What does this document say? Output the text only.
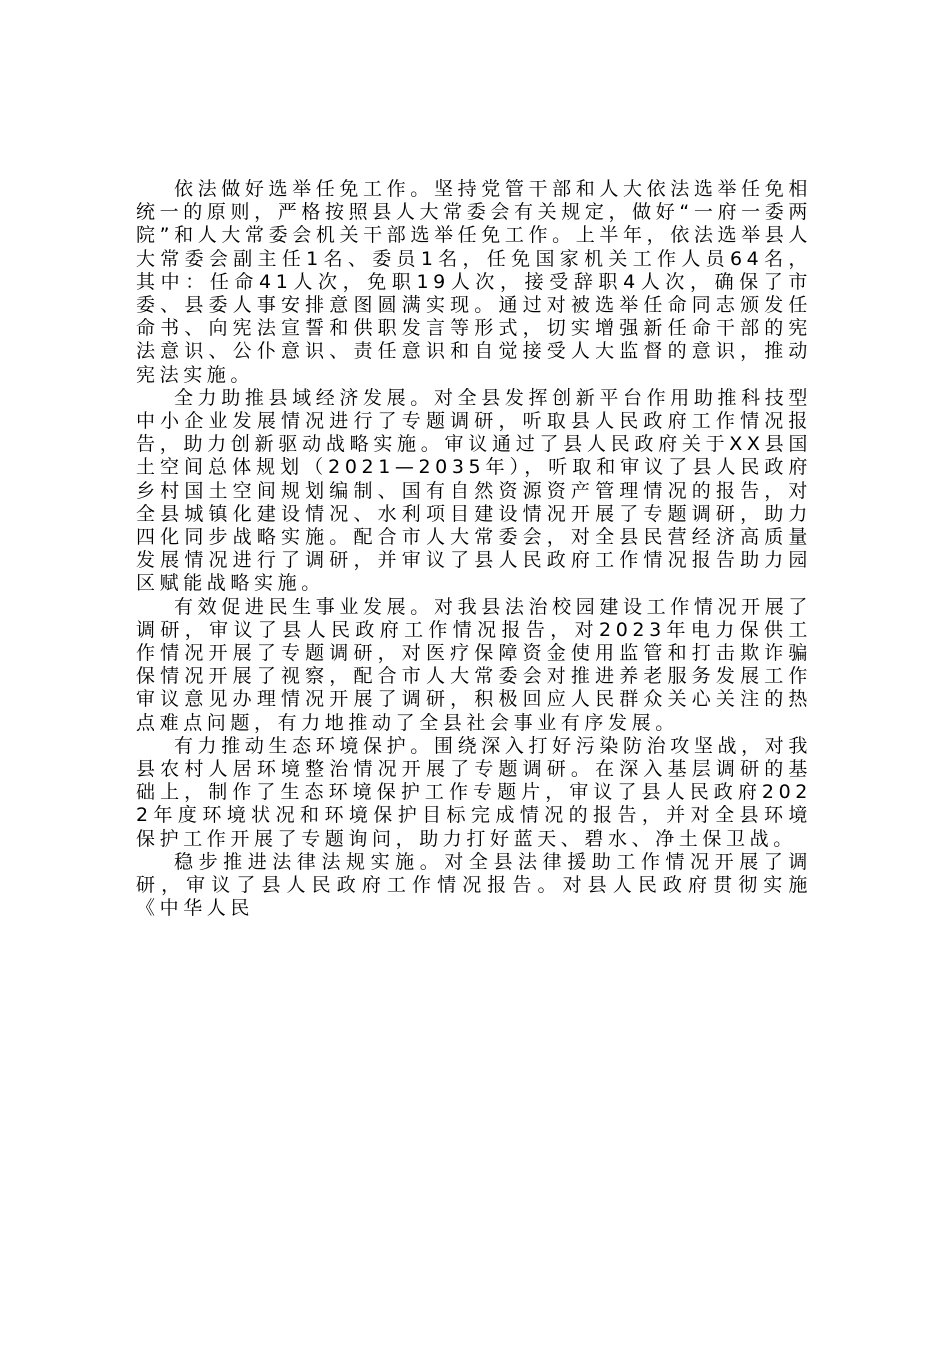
依法做好选举任免工作。坚持党管干部和人大依法选举任免相统一的原则，严格按照县人大常委会有关规定，做好“一府一委两院”和人大常委会机关干部选举任免工作。上半年，依法选举县人大常委会副主任1名、委员1名，任免国家机关工作人员64名，其中：任命41人次，免职19人次，接受辞职4人次，确保了市委、县委人事安排意图圆满实现。通过对被选举任命同志颁发任命书、向宪法宣誓和供职发言等形式，切实增强新任命干部的宪法意识、公仆意识、责任意识和自觉接受人大监督的意识，推动宪法实施。

全力助推县域经济发展。对全县发挥创新平台作用助推科技型中小企业发展情况进行了专题调研，听取县人民政府工作情况报告，助力创新驱动战略实施。审议通过了县人民政府关于XX县国土空间总体规划（2021—2035年），听取和审议了县人民政府乡村国土空间规划编制、国有自然资源资产管理情况的报告，对全县城镇化建设情况、水利项目建设情况开展了专题调研，助力四化同步战略实施。配合市人大常委会，对全县民营经济高质量发展情况进行了调研，并审议了县人民政府工作情况报告助力园区赋能战略实施。

有效促进民生事业发展。对我县法治校园建设工作情况开展了调研，审议了县人民政府工作情况报告，对2023年电力保供工作情况开展了专题调研，对医疗保障资金使用监管和打击欺诈骗保情况开展了视察，配合市人大常委会对推进养老服务发展工作审议意见办理情况开展了调研，积极回应人民群众关心关注的热点难点问题，有力地推动了全县社会事业有序发展。

有力推动生态环境保护。围绕深入打好污染防治攻坚战，对我县农村人居环境整治情况开展了专题调研。在深入基层调研的基础上，制作了生态环境保护工作专题片，审议了县人民政府2022年度环境状况和环境保护目标完成情况的报告，并对全县环境保护工作开展了专题询问，助力打好蓝天、碧水、净土保卫战。

稳步推进法律法规实施。对全县法律援助工作情况开展了调研，审议了县人民政府工作情况报告。对县人民政府贯彻实施《中华人民
